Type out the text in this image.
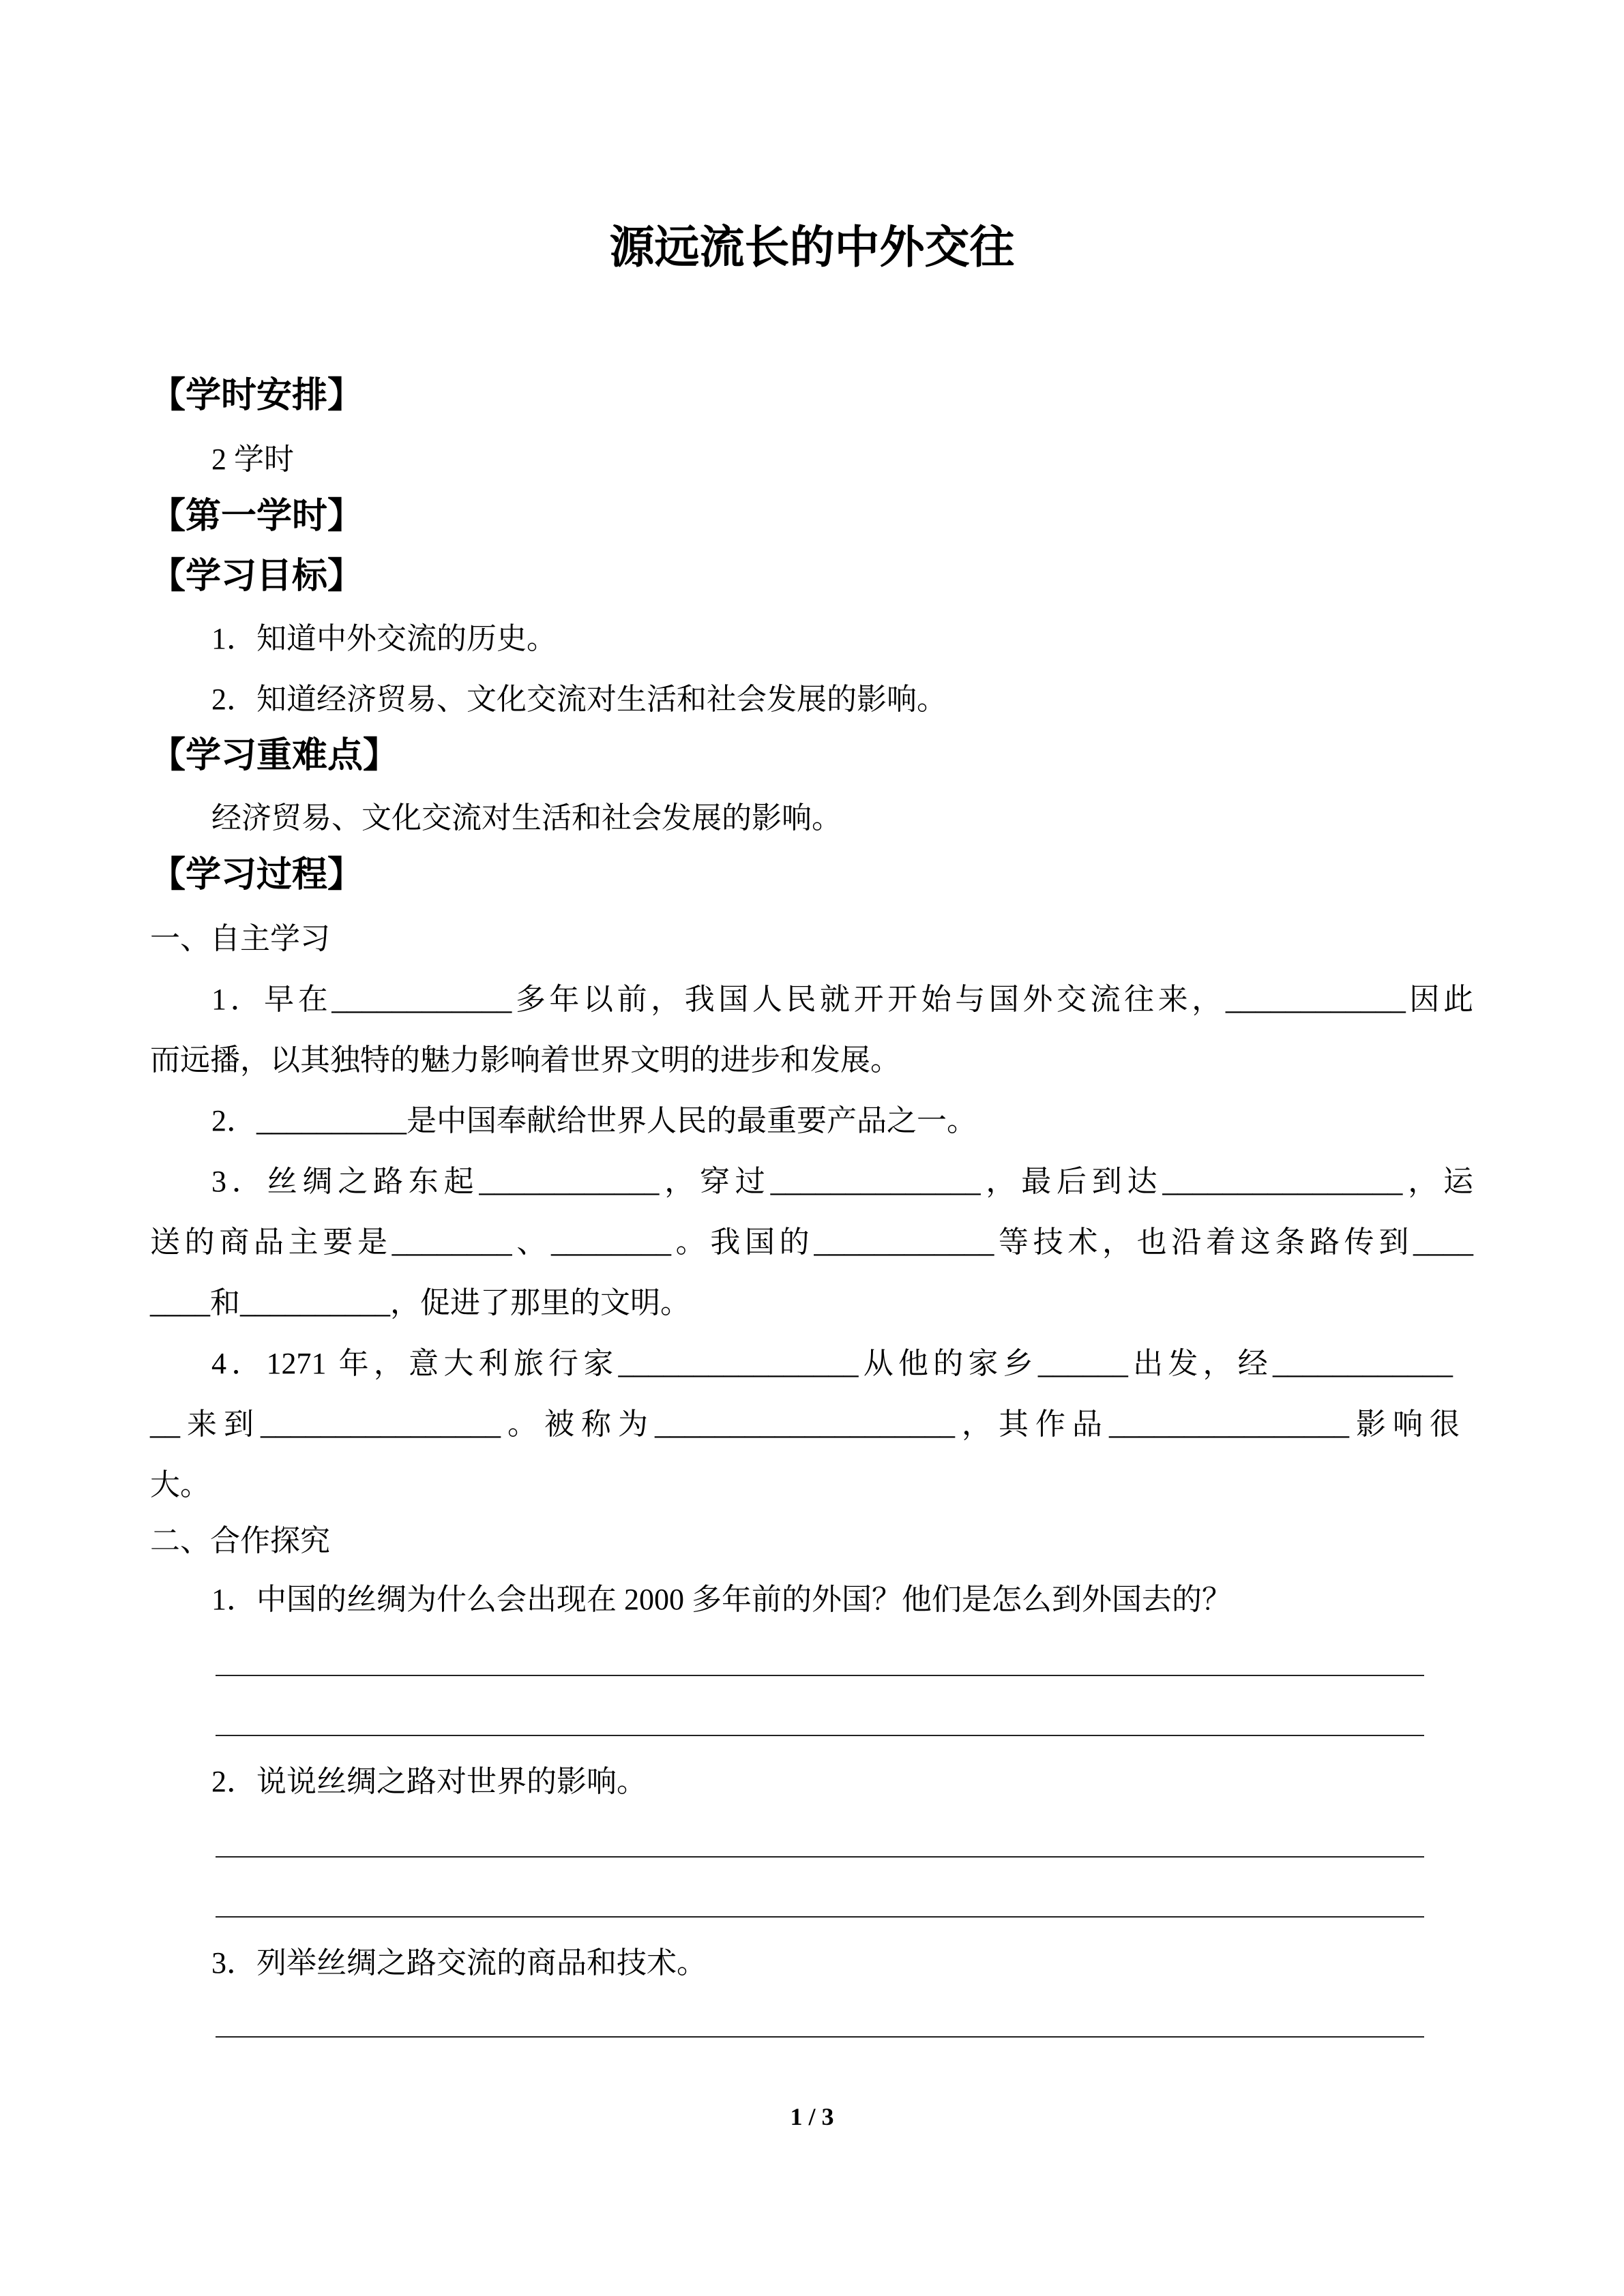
源远流长的中外交往
【学时安排】
2 学时
【第一学时】
【学习目标】
1．知道中外交流的历史。
2．知道经济贸易、文化交流对生活和社会发展的影响。
【学习重难点】
经济贸易、文化交流对生活和社会发展的影响。
【学习过程】
一、自主学习
1．早在____________多年以前，我国人民就开开始与国外交流往来，____________因此
而远播，以其独特的魅力影响着世界文明的进步和发展。
2．__________是中国奉献给世界人民的最重要产品之一。
3．丝绸之路东起____________，穿过______________，最后到达________________，运
送的商品主要是________、________。我国的____________等技术，也沿着这条路传到____
____和__________，促进了那里的文明。
4．1271 年，意大利旅行家________________从他的家乡______出发，经____________
__来到________________。被称为____________________，其作品________________影响很
大。
二、合作探究
1．中国的丝绸为什么会出现在 2000 多年前的外国？他们是怎么到外国去的？
2．说说丝绸之路对世界的影响。
3．列举丝绸之路交流的商品和技术。
1 / 3
